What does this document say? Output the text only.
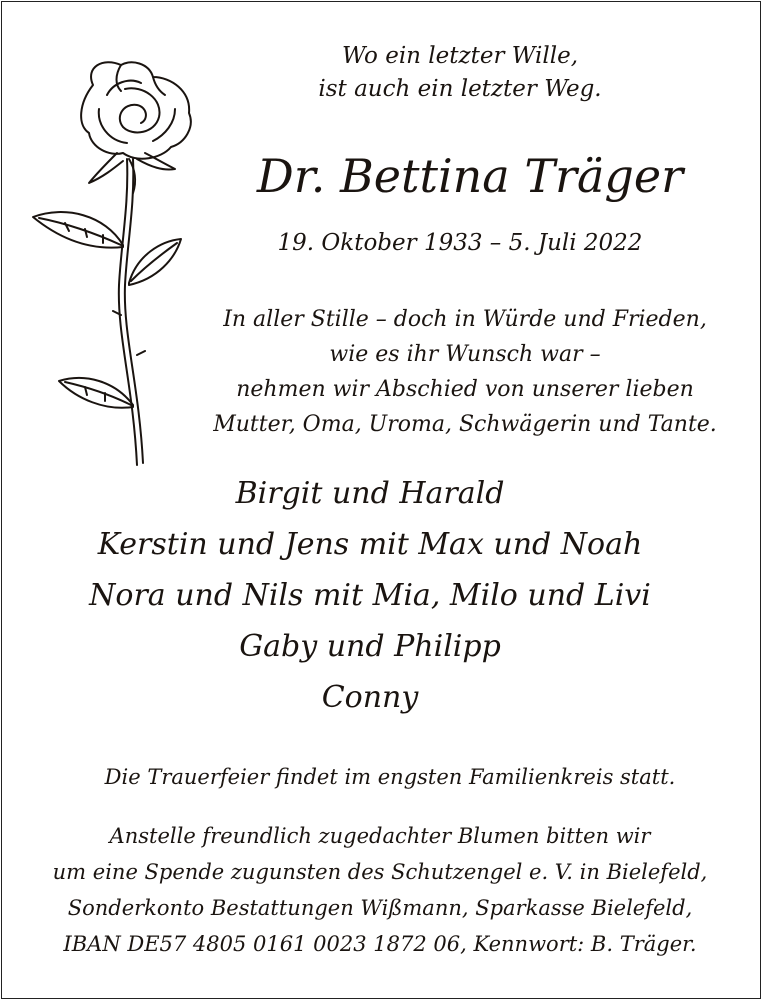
Wo ein letzter Wille,
ist auch ein letzter Weg.
Dr. Bettina Träger
19. Oktober 1933 – 5. Juli 2022
In aller Stille – doch in Würde und Frieden,
wie es ihr Wunsch war –
nehmen wir Abschied von unserer lieben
Mutter, Oma, Uroma, Schwägerin und Tante.
Birgit und Harald
Kerstin und Jens mit Max und Noah
Nora und Nils mit Mia, Milo und Livi
Gaby und Philipp
Conny
Die Trauerfeier findet im engsten Familienkreis statt.
Anstelle freundlich zugedachter Blumen bitten wir
um eine Spende zugunsten des Schutzengel e. V. in Bielefeld,
Sonderkonto Bestattungen Wißmann, Sparkasse Bielefeld,
IBAN DE57 4805 0161 0023 1872 06, Kennwort: B. Träger.
